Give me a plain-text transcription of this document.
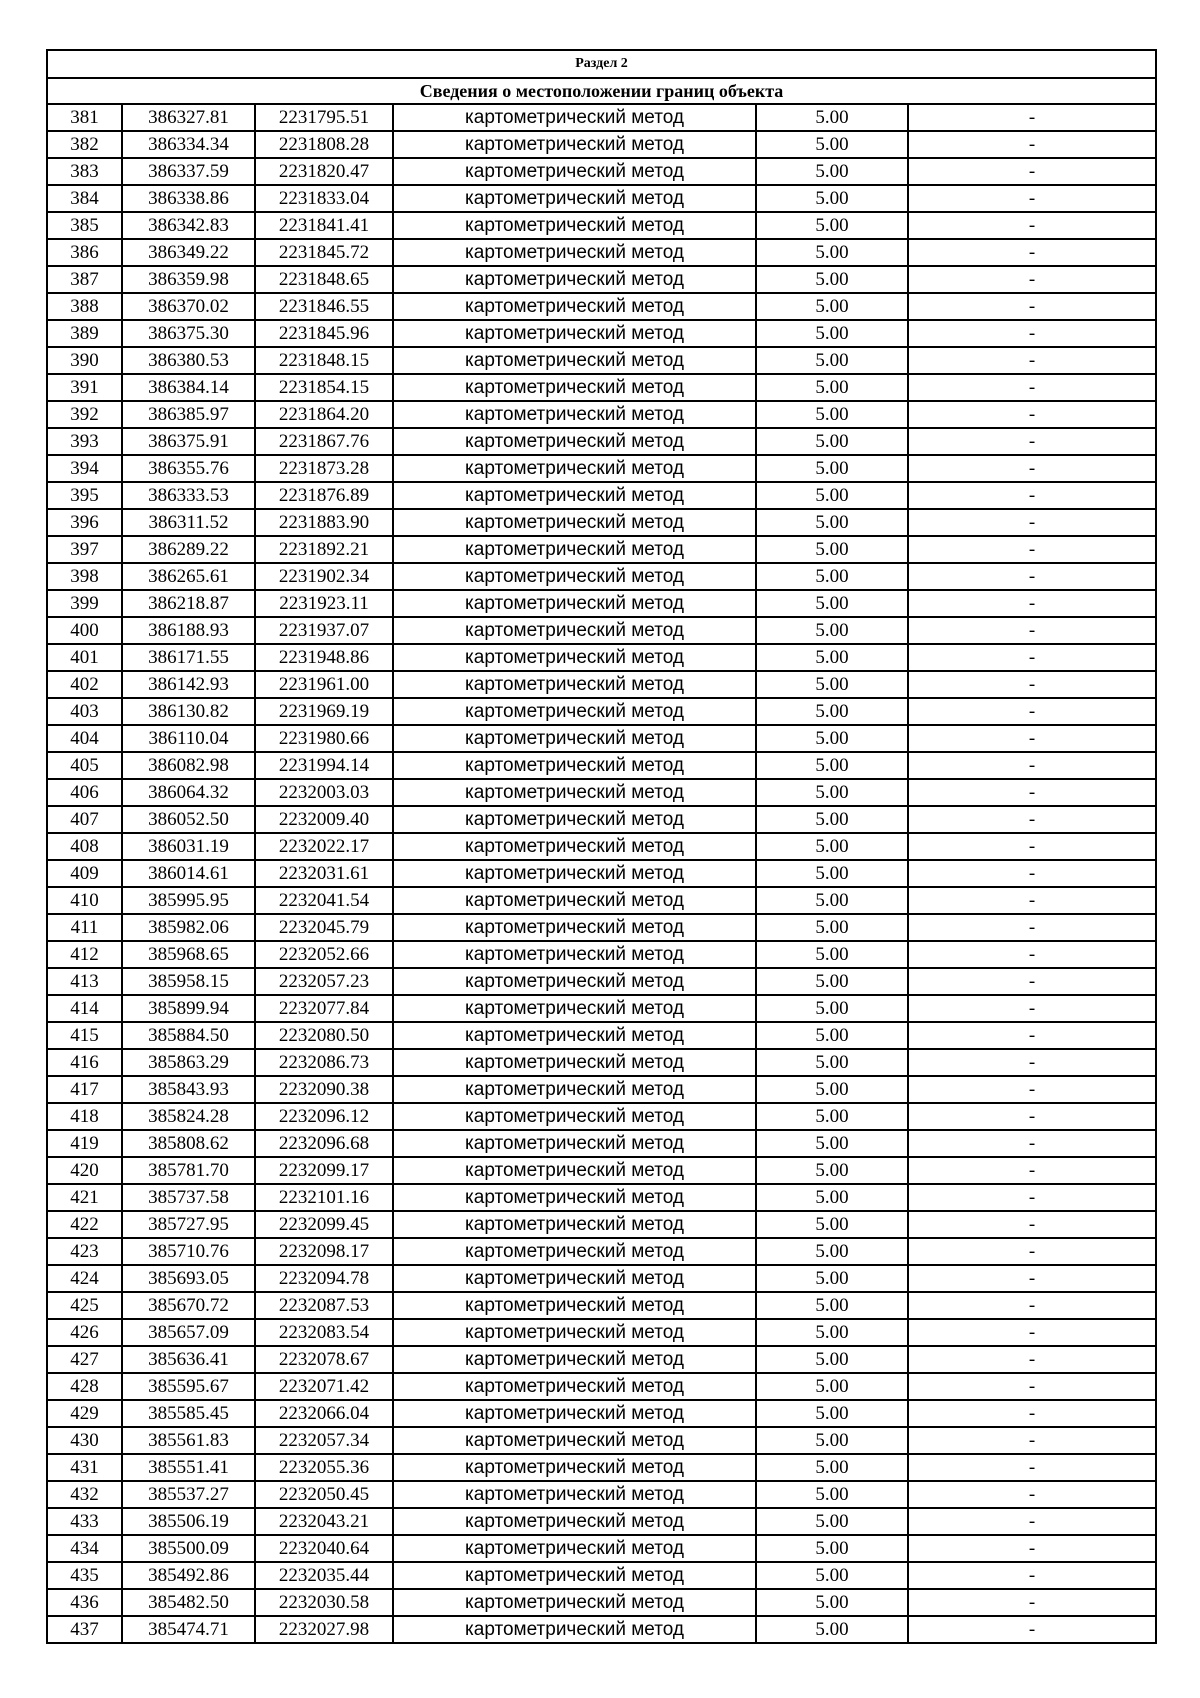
Раздел 2					
Сведения о местоположении границ объекта					
381	386327.81	2231795.51	картометрический метод	5.00	-
382	386334.34	2231808.28	картометрический метод	5.00	-
383	386337.59	2231820.47	картометрический метод	5.00	-
384	386338.86	2231833.04	картометрический метод	5.00	-
385	386342.83	2231841.41	картометрический метод	5.00	-
386	386349.22	2231845.72	картометрический метод	5.00	-
387	386359.98	2231848.65	картометрический метод	5.00	-
388	386370.02	2231846.55	картометрический метод	5.00	-
389	386375.30	2231845.96	картометрический метод	5.00	-
390	386380.53	2231848.15	картометрический метод	5.00	-
391	386384.14	2231854.15	картометрический метод	5.00	-
392	386385.97	2231864.20	картометрический метод	5.00	-
393	386375.91	2231867.76	картометрический метод	5.00	-
394	386355.76	2231873.28	картометрический метод	5.00	-
395	386333.53	2231876.89	картометрический метод	5.00	-
396	386311.52	2231883.90	картометрический метод	5.00	-
397	386289.22	2231892.21	картометрический метод	5.00	-
398	386265.61	2231902.34	картометрический метод	5.00	-
399	386218.87	2231923.11	картометрический метод	5.00	-
400	386188.93	2231937.07	картометрический метод	5.00	-
401	386171.55	2231948.86	картометрический метод	5.00	-
402	386142.93	2231961.00	картометрический метод	5.00	-
403	386130.82	2231969.19	картометрический метод	5.00	-
404	386110.04	2231980.66	картометрический метод	5.00	-
405	386082.98	2231994.14	картометрический метод	5.00	-
406	386064.32	2232003.03	картометрический метод	5.00	-
407	386052.50	2232009.40	картометрический метод	5.00	-
408	386031.19	2232022.17	картометрический метод	5.00	-
409	386014.61	2232031.61	картометрический метод	5.00	-
410	385995.95	2232041.54	картометрический метод	5.00	-
411	385982.06	2232045.79	картометрический метод	5.00	-
412	385968.65	2232052.66	картометрический метод	5.00	-
413	385958.15	2232057.23	картометрический метод	5.00	-
414	385899.94	2232077.84	картометрический метод	5.00	-
415	385884.50	2232080.50	картометрический метод	5.00	-
416	385863.29	2232086.73	картометрический метод	5.00	-
417	385843.93	2232090.38	картометрический метод	5.00	-
418	385824.28	2232096.12	картометрический метод	5.00	-
419	385808.62	2232096.68	картометрический метод	5.00	-
420	385781.70	2232099.17	картометрический метод	5.00	-
421	385737.58	2232101.16	картометрический метод	5.00	-
422	385727.95	2232099.45	картометрический метод	5.00	-
423	385710.76	2232098.17	картометрический метод	5.00	-
424	385693.05	2232094.78	картометрический метод	5.00	-
425	385670.72	2232087.53	картометрический метод	5.00	-
426	385657.09	2232083.54	картометрический метод	5.00	-
427	385636.41	2232078.67	картометрический метод	5.00	-
428	385595.67	2232071.42	картометрический метод	5.00	-
429	385585.45	2232066.04	картометрический метод	5.00	-
430	385561.83	2232057.34	картометрический метод	5.00	-
431	385551.41	2232055.36	картометрический метод	5.00	-
432	385537.27	2232050.45	картометрический метод	5.00	-
433	385506.19	2232043.21	картометрический метод	5.00	-
434	385500.09	2232040.64	картометрический метод	5.00	-
435	385492.86	2232035.44	картометрический метод	5.00	-
436	385482.50	2232030.58	картометрический метод	5.00	-
437	385474.71	2232027.98	картометрический метод	5.00	-
